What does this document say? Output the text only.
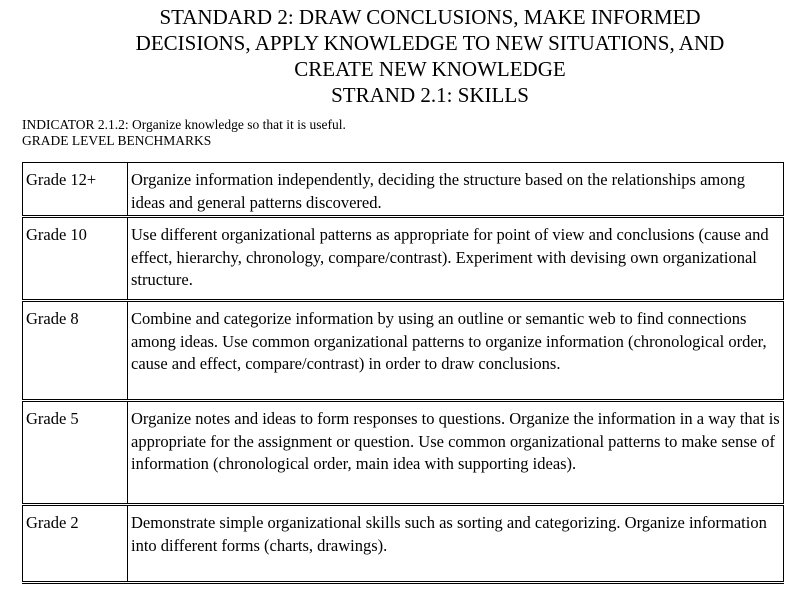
STANDARD 2: DRAW CONCLUSIONS, MAKE INFORMED
DECISIONS, APPLY KNOWLEDGE TO NEW SITUATIONS, AND
CREATE NEW KNOWLEDGE
STRAND 2.1: SKILLS
INDICATOR 2.1.2: Organize knowledge so that it is useful.
GRADE LEVEL BENCHMARKS
Grade 12+	Organize information independently, deciding the structure based on the relationships among ideas and general patterns discovered.
Grade 10	Use different organizational patterns as appropriate for point of view and conclusions (cause and effect, hierarchy, chronology, compare/contrast). Experiment with devising own organizational structure.
Grade 8	Combine and categorize information by using an outline or semantic web to find connections among ideas. Use common organizational patterns to organize information (chronological order, cause and effect, compare/contrast) in order to draw conclusions.
Grade 5	Organize notes and ideas to form responses to questions. Organize the information in a way that is appropriate for the assignment or question. Use common organizational patterns to make sense of information (chronological order, main idea with supporting ideas).
Grade 2	Demonstrate simple organizational skills such as sorting and categorizing. Organize information into different forms (charts, drawings).
